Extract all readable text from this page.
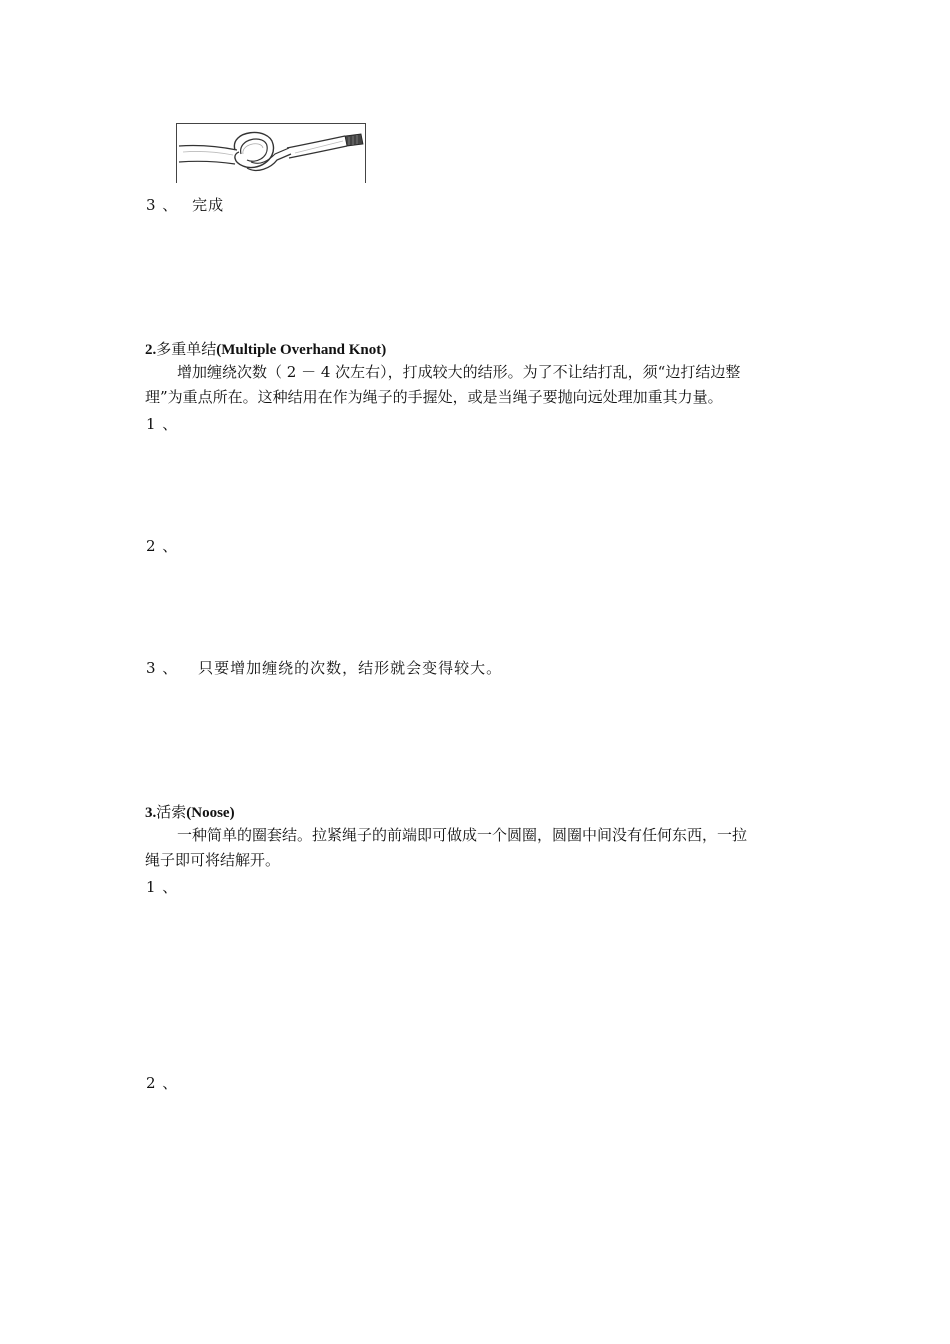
3 、 完成
2.多重单结(Multiple Overhand Knot)
增加缠绕次数（ 2 － 4 次左右），打成较大的结形。为了不让结打乱，须“边打结边整
理”为重点所在。这种结用在作为绳子的手握处，或是当绳子要抛向远处理加重其力量。
1 、
2 、
3 、 只要增加缠绕的次数，结形就会变得较大。
3.活索(Noose)
一种简单的圈套结。拉紧绳子的前端即可做成一个圆圈，圆圈中间没有任何东西，一拉
绳子即可将结解开。
1 、
2 、
